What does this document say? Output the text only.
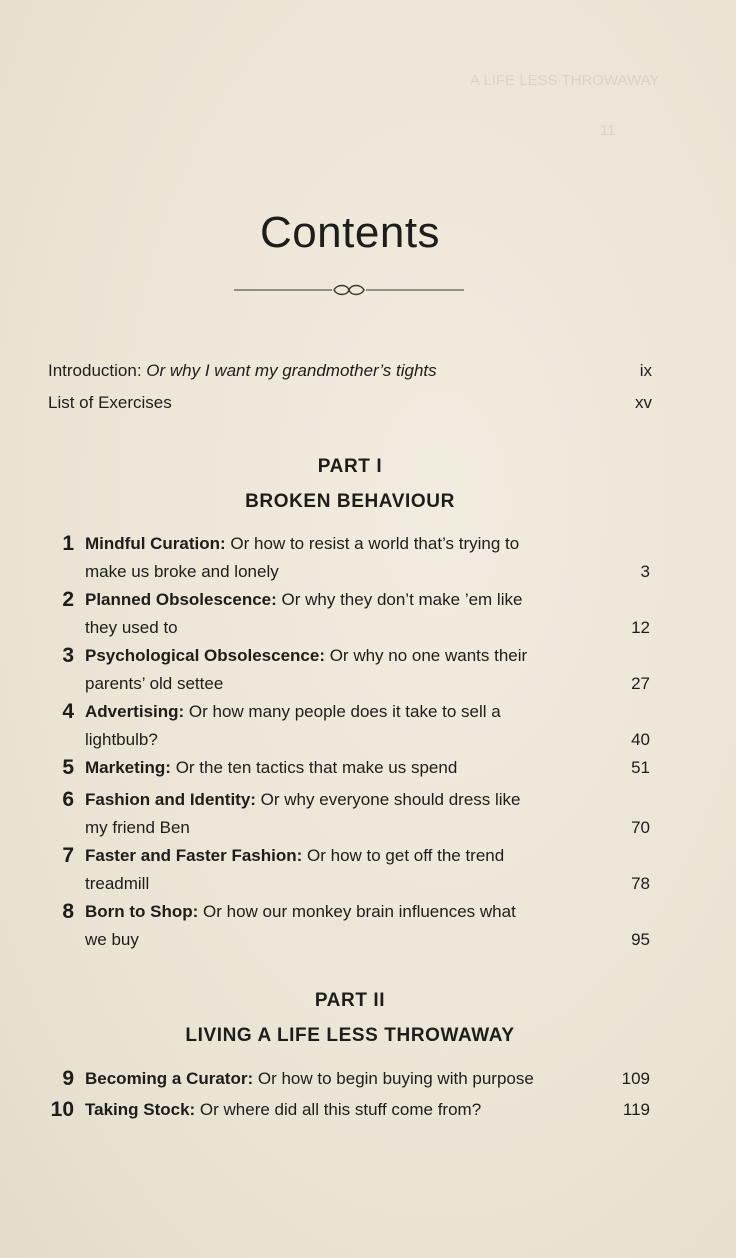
A LIFE LESS THROWAWAY
11
Contents
Introduction: Or why I want my grandmother’s tights	ix
List of Exercises	xv
PART I
BROKEN BEHAVIOUR
1 Mindful Curation: Or how to resist a world that’s trying to
make us broke and lonely	3
2 Planned Obsolescence: Or why they don’t make ’em like
they used to	12
3 Psychological Obsolescence: Or why no one wants their
parents’ old settee	27
4 Advertising: Or how many people does it take to sell a
lightbulb?	40
5 Marketing: Or the ten tactics that make us spend	51
6 Fashion and Identity: Or why everyone should dress like
my friend Ben	70
7 Faster and Faster Fashion: Or how to get off the trend
treadmill	78
8 Born to Shop: Or how our monkey brain influences what
we buy	95
PART II
LIVING A LIFE LESS THROWAWAY
9 Becoming a Curator: Or how to begin buying with purpose	109
10 Taking Stock: Or where did all this stuff come from?	119
